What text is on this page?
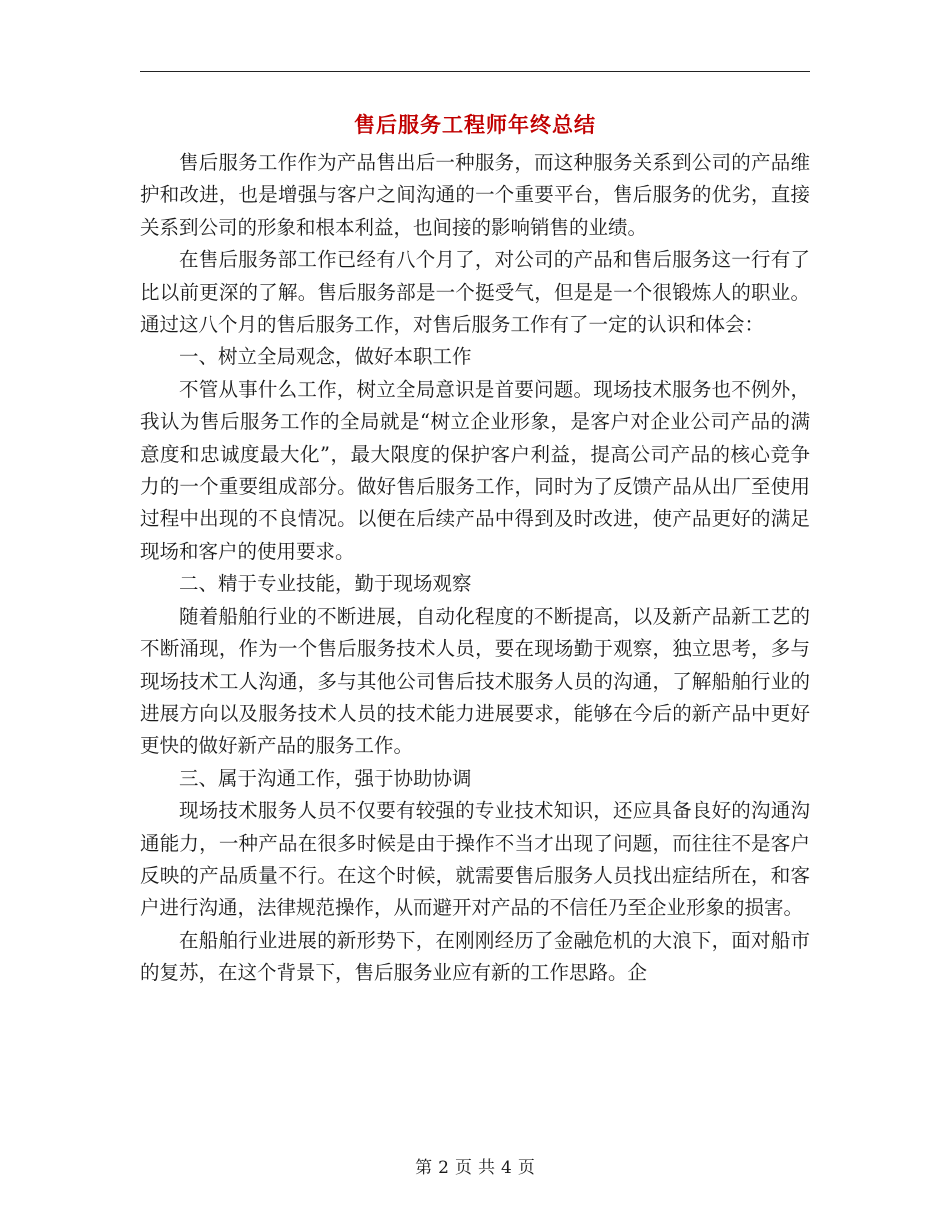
售后服务工程师年终总结

售后服务工作作为产品售出后一种服务，而这种服务关系到公司的产品维护和改进，也是增强与客户之间沟通的一个重要平台，售后服务的优劣，直接关系到公司的形象和根本利益，也间接的影响销售的业绩。

在售后服务部工作已经有八个月了，对公司的产品和售后服务这一行有了比以前更深的了解。售后服务部是一个挺受气，但是是一个很锻炼人的职业。通过这八个月的售后服务工作，对售后服务工作有了一定的认识和体会：

一、树立全局观念，做好本职工作

不管从事什么工作，树立全局意识是首要问题。现场技术服务也不例外，我认为售后服务工作的全局就是“树立企业形象，是客户对企业公司产品的满意度和忠诚度最大化”，最大限度的保护客户利益，提高公司产品的核心竞争力的一个重要组成部分。做好售后服务工作，同时为了反馈产品从出厂至使用过程中出现的不良情况。以便在后续产品中得到及时改进，使产品更好的满足现场和客户的使用要求。

二、精于专业技能，勤于现场观察

随着船舶行业的不断进展，自动化程度的不断提高，以及新产品新工艺的不断涌现，作为一个售后服务技术人员，要在现场勤于观察，独立思考，多与现场技术工人沟通，多与其他公司售后技术服务人员的沟通，了解船舶行业的进展方向以及服务技术人员的技术能力进展要求，能够在今后的新产品中更好更快的做好新产品的服务工作。

三、属于沟通工作，强于协助协调

现场技术服务人员不仅要有较强的专业技术知识，还应具备良好的沟通沟通能力，一种产品在很多时候是由于操作不当才出现了问题，而往往不是客户反映的产品质量不行。在这个时候，就需要售后服务人员找出症结所在，和客户进行沟通，法律规范操作，从而避开对产品的不信任乃至企业形象的损害。

在船舶行业进展的新形势下，在刚刚经历了金融危机的大浪下，面对船市的复苏，在这个背景下，售后服务业应有新的工作思路。企

第 2 页 共 4 页
